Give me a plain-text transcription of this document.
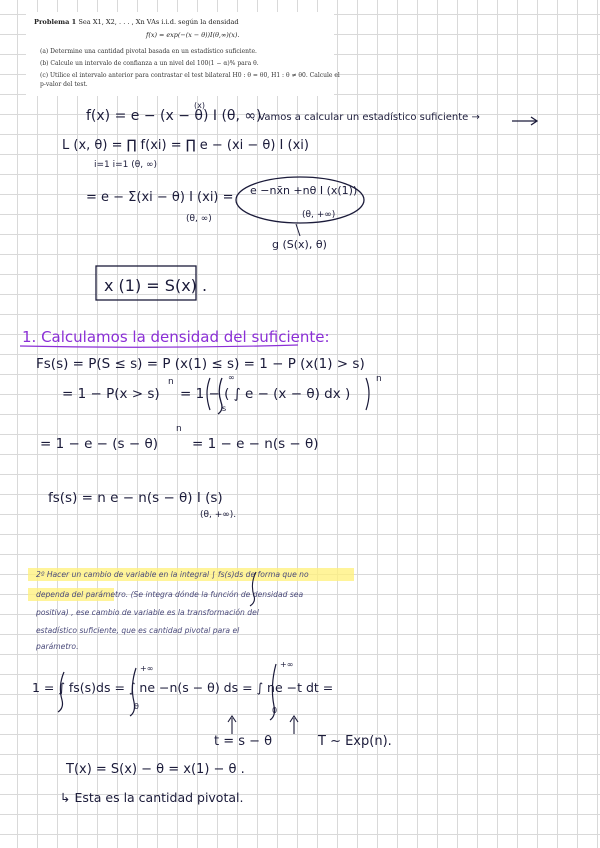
Problema 1 Sea X1, X2, . . . , Xn VAs i.i.d. según la densidad
f(x) = exp(−(x − θ))I(θ,∞)(x).
(a) Determine una cantidad pivotal basada en un estadístico suficiente.
(b) Calcule un intervalo de confianza a un nivel del 100(1 − α)% para θ.
(c) Utilice el intervalo anterior para contrastar el test bilateral H0 : θ = θ0, H1 : θ ≠ θ0. Calcule el
p-valor del test.
f(x) = e − (x − θ) I (θ, ∞)
(x)
. Vamos a calcular un estadístico suficiente →
L (x, θ) = ∏ f(xi) = ∏ e − (xi − θ) I (xi)
i=1 i=1 (θ, ∞)
= e − Σ(xi − θ) I (xi) =
(θ, ∞)
e −nx̄n +nθ I (x(1))
(θ, +∞)
g (S(x), θ)
x (1) = S(x) .
1. Calculamos la densidad del suficiente:
Fs(s) = P(S ≤ s) = P (x(1) ≤ s) = 1 − P (x(1) > s)
= 1 − P(x > s)
n
= 1 − ( ∫ e − (x − θ) dx )
∞
s
n
= 1 − e − (s − θ)
n
= 1 − e − n(s − θ)
fs(s) = n e − n(s − θ) I (s)
(θ, +∞).
2º Hacer un cambio de variable en la integral ∫ fs(s)ds de forma que no
dependa del parámetro. (Se integra dónde la función de densidad sea
positiva) , ese cambio de variable es la transformación del
estadístico suficiente, que es cantidad pivotal para el
parámetro.
1 = ∫ fs(s)ds = ∫ ne −n(s − θ) ds = ∫ ne −t dt =
+∞
θ
+∞
0
t = s − θ	T ~ Exp(n).
T(x) = S(x) − θ = x(1) − θ .
↳ Esta es la cantidad pivotal.
